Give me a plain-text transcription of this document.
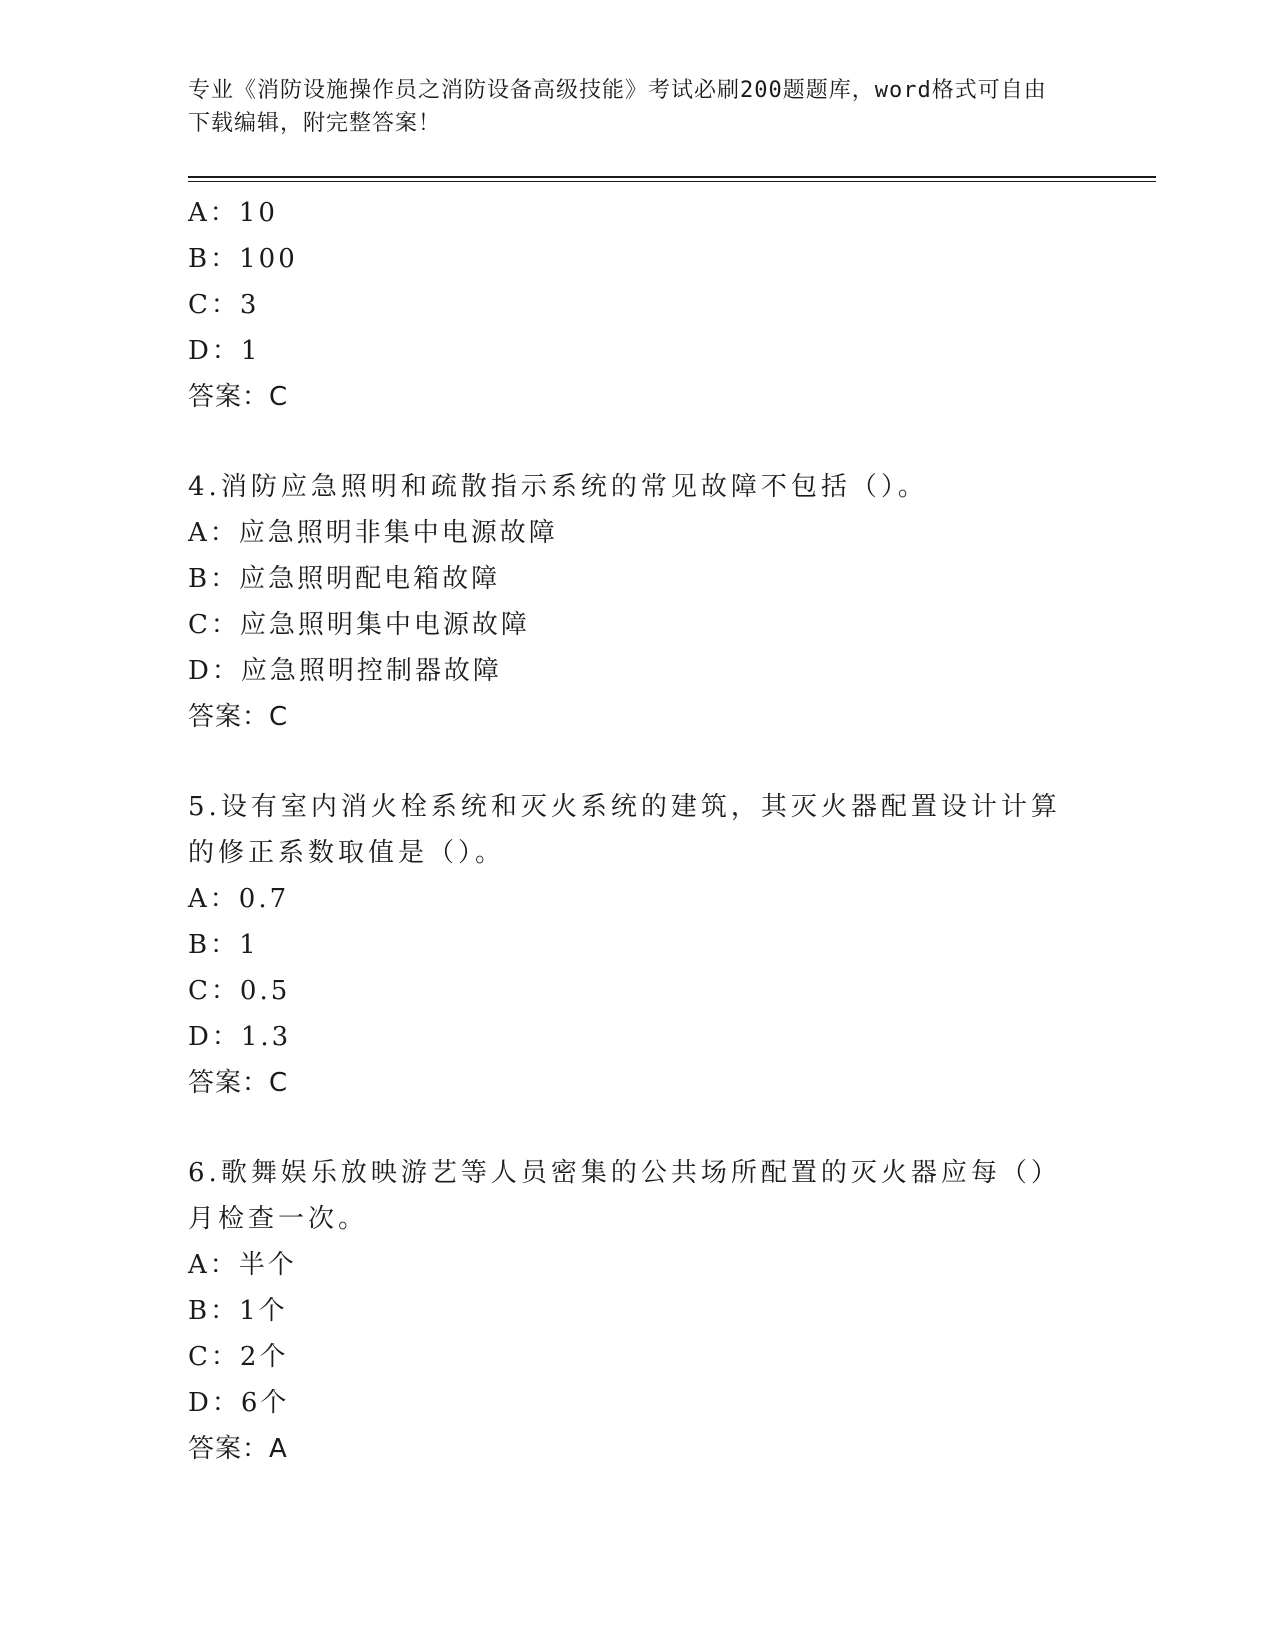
专业《消防设施操作员之消防设备高级技能》考试必刷200题题库，word格式可自由下载编辑，附完整答案！
A：10
B：100
C：3
D：1
答案：C
4.消防应急照明和疏散指示系统的常见故障不包括（）。
A：应急照明非集中电源故障
B：应急照明配电箱故障
C：应急照明集中电源故障
D：应急照明控制器故障
答案：C
5.设有室内消火栓系统和灭火系统的建筑，其灭火器配置设计计算的修正系数取值是（）。
A：0.7
B：1
C：0.5
D：1.3
答案：C
6.歌舞娱乐放映游艺等人员密集的公共场所配置的灭火器应每（）月检查一次。
A：半个
B：1个
C：2个
D：6个
答案：A
